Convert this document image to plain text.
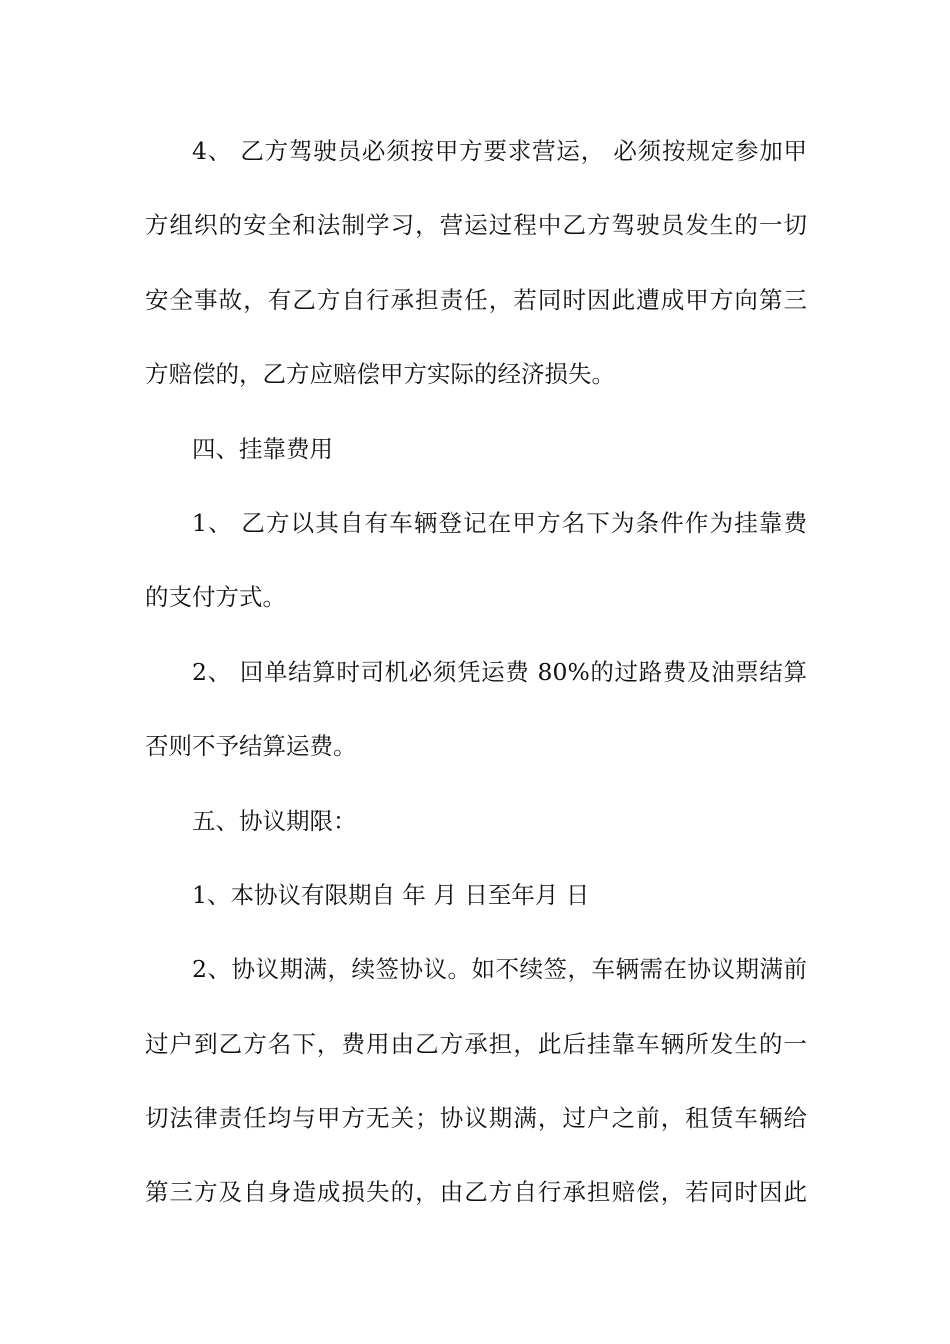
4、 乙方驾驶员必须按甲方要求营运， 必须按规定参加甲
方组织的安全和法制学习，营运过程中乙方驾驶员发生的一切
安全事故，有乙方自行承担责任，若同时因此遭成甲方向第三
方赔偿的，乙方应赔偿甲方实际的经济损失。
四、挂靠费用
1、 乙方以其自有车辆登记在甲方名下为条件作为挂靠费
的支付方式。
2、 回单结算时司机必须凭运费 80%的过路费及油票结算
否则不予结算运费。
五、协议期限：
1、本协议有限期自 年 月 日至年月 日
2、协议期满，续签协议。如不续签，车辆需在协议期满前
过户到乙方名下，费用由乙方承担，此后挂靠车辆所发生的一
切法律责任均与甲方无关；协议期满，过户之前，租赁车辆给
第三方及自身造成损失的，由乙方自行承担赔偿，若同时因此
